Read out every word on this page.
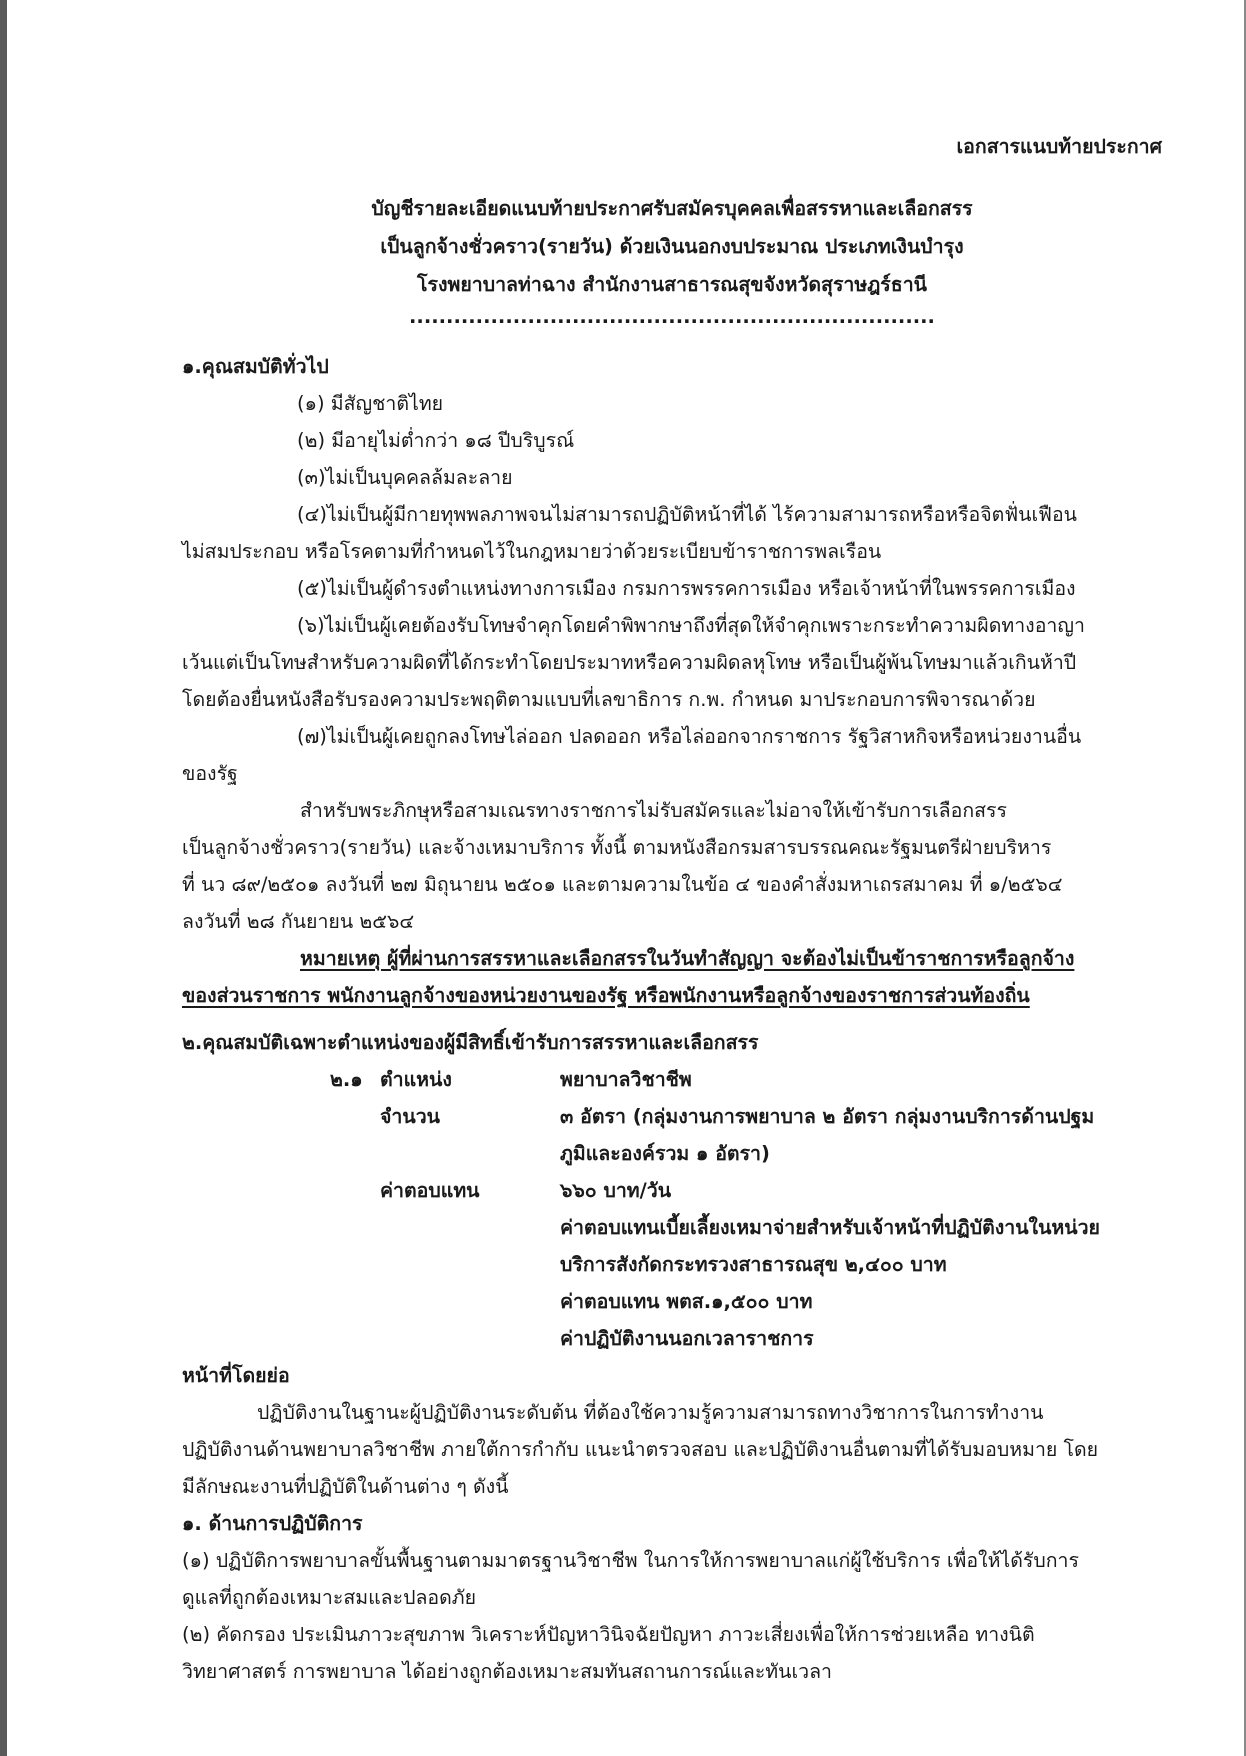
เอกสารแนบท้ายประกาศ
บัญชีรายละเอียดแนบท้ายประกาศรับสมัครบุคคลเพื่อสรรหาและเลือกสรร
เป็นลูกจ้างชั่วคราว(รายวัน) ด้วยเงินนอกงบประมาณ ประเภทเงินบำรุง
โรงพยาบาลท่าฉาง สำนักงานสาธารณสุขจังหวัดสุราษฎร์ธานี
.......................................................................
๑.คุณสมบัติทั่วไป
(๑) มีสัญชาติไทย
(๒) มีอายุไม่ต่ำกว่า ๑๘ ปีบริบูรณ์
(๓)ไม่เป็นบุคคลล้มละลาย
(๔)ไม่เป็นผู้มีกายทุพพลภาพจนไม่สามารถปฏิบัติหน้าที่ได้ ไร้ความสามารถหรือหรือจิตฟั่นเฟือน
ไม่สมประกอบ หรือโรคตามที่กำหนดไว้ในกฎหมายว่าด้วยระเบียบข้าราชการพลเรือน
(๕)ไม่เป็นผู้ดำรงตำแหน่งทางการเมือง กรมการพรรคการเมือง หรือเจ้าหน้าที่ในพรรคการเมือง
(๖)ไม่เป็นผู้เคยต้องรับโทษจำคุกโดยคำพิพากษาถึงที่สุดให้จำคุกเพราะกระทำความผิดทางอาญา
เว้นแต่เป็นโทษสำหรับความผิดที่ได้กระทำโดยประมาทหรือความผิดลหุโทษ หรือเป็นผู้พ้นโทษมาแล้วเกินห้าปี
โดยต้องยื่นหนังสือรับรองความประพฤติตามแบบที่เลขาธิการ ก.พ. กำหนด มาประกอบการพิจารณาด้วย
(๗)ไม่เป็นผู้เคยถูกลงโทษไล่ออก ปลดออก หรือไล่ออกจากราชการ รัฐวิสาหกิจหรือหน่วยงานอื่น
ของรัฐ
สำหรับพระภิกษุหรือสามเณรทางราชการไม่รับสมัครและไม่อาจให้เข้ารับการเลือกสรร
เป็นลูกจ้างชั่วคราว(รายวัน) และจ้างเหมาบริการ ทั้งนี้ ตามหนังสือกรมสารบรรณคณะรัฐมนตรีฝ่ายบริหาร
ที่ นว ๘๙/๒๕๐๑ ลงวันที่ ๒๗ มิถุนายน ๒๕๐๑ และตามความในข้อ ๔ ของคำสั่งมหาเถรสมาคม ที่ ๑/๒๕๖๔
ลงวันที่ ๒๘ กันยายน ๒๕๖๔
หมายเหตุ ผู้ที่ผ่านการสรรหาและเลือกสรรในวันทำสัญญา จะต้องไม่เป็นข้าราชการหรือลูกจ้าง
ของส่วนราชการ พนักงานลูกจ้างของหน่วยงานของรัฐ หรือพนักงานหรือลูกจ้างของราชการส่วนท้องถิ่น
๒.คุณสมบัติเฉพาะตำแหน่งของผู้มีสิทธิ์เข้ารับการสรรหาและเลือกสรร
๒.๑ ตำแหน่ง	พยาบาลวิชาชีพ
จำนวน	๓ อัตรา (กลุ่มงานการพยาบาล ๒ อัตรา กลุ่มงานบริการด้านปฐม
ภูมิและองค์รวม ๑ อัตรา)
ค่าตอบแทน	๖๖๐ บาท/วัน
ค่าตอบแทนเบี้ยเลี้ยงเหมาจ่ายสำหรับเจ้าหน้าที่ปฏิบัติงานในหน่วย
บริการสังกัดกระทรวงสาธารณสุข ๒,๔๐๐ บาท
ค่าตอบแทน พตส.๑,๕๐๐ บาท
ค่าปฏิบัติงานนอกเวลาราชการ
หน้าที่โดยย่อ
ปฏิบัติงานในฐานะผู้ปฏิบัติงานระดับต้น ที่ต้องใช้ความรู้ความสามารถทางวิชาการในการทำงาน
ปฏิบัติงานด้านพยาบาลวิชาชีพ ภายใต้การกำกับ แนะนำตรวจสอบ และปฏิบัติงานอื่นตามที่ได้รับมอบหมาย โดย
มีลักษณะงานที่ปฏิบัติในด้านต่าง ๆ ดังนี้
๑. ด้านการปฏิบัติการ
(๑) ปฏิบัติการพยาบาลขั้นพื้นฐานตามมาตรฐานวิชาชีพ ในการให้การพยาบาลแก่ผู้ใช้บริการ เพื่อให้ได้รับการ
ดูแลที่ถูกต้องเหมาะสมและปลอดภัย
(๒) คัดกรอง ประเมินภาวะสุขภาพ วิเคราะห์ปัญหาวินิจฉัยปัญหา ภาวะเสี่ยงเพื่อให้การช่วยเหลือ ทางนิติ
วิทยาศาสตร์ การพยาบาล ได้อย่างถูกต้องเหมาะสมทันสถานการณ์และทันเวลา
